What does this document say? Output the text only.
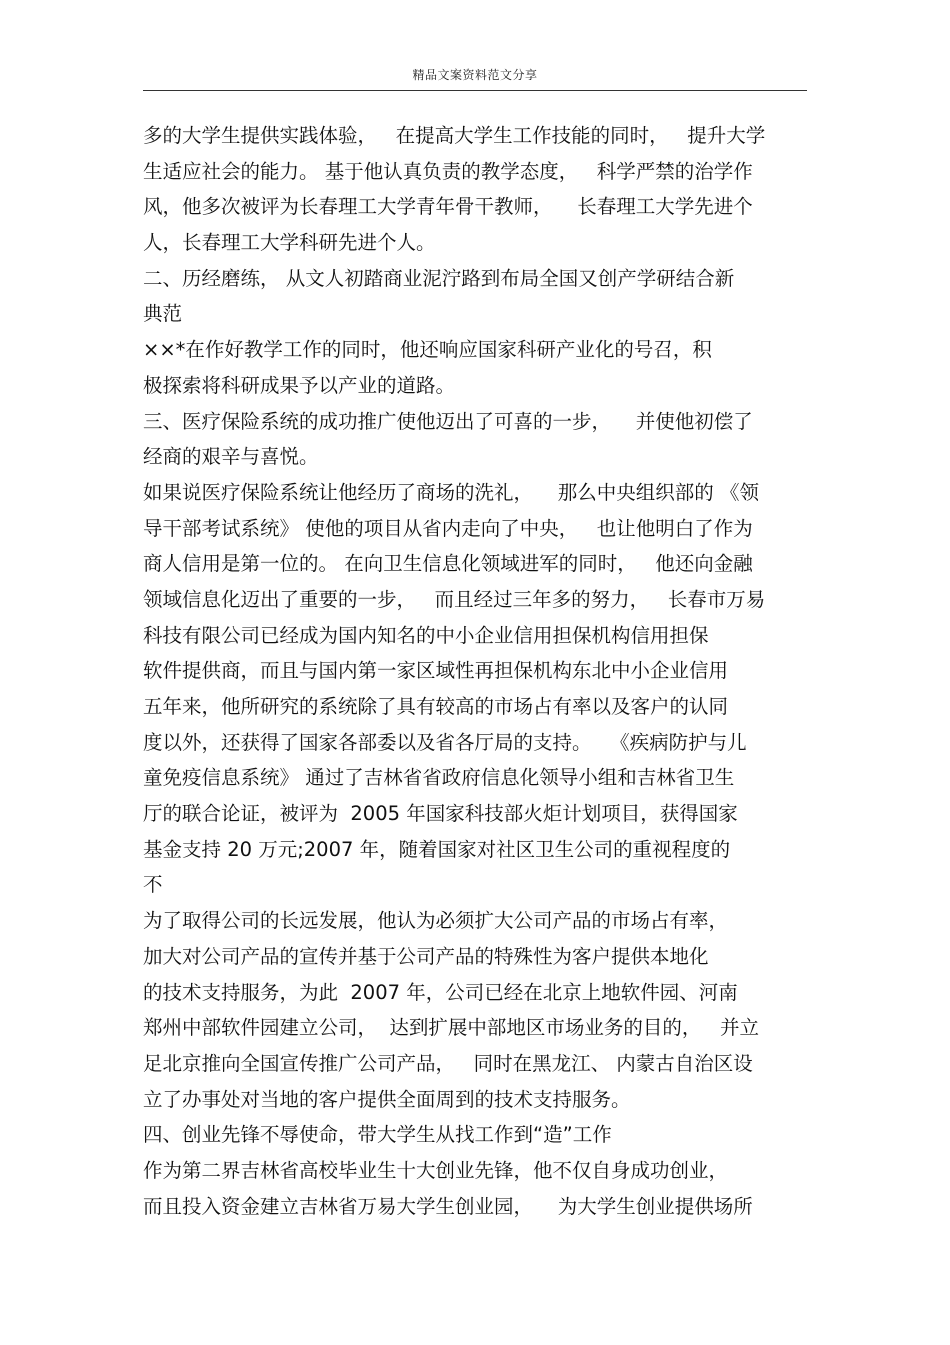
精品文案资料范文分享
多的大学生提供实践体验，   在提高大学生工作技能的同时，   提升大学
生适应社会的能力。 基于他认真负责的教学态度，   科学严禁的治学作
风，他多次被评为长春理工大学青年骨干教师，    长春理工大学先进个
人，长春理工大学科研先进个人。
二、历经磨练， 从文人初踏商业泥泞路到布局全国又创产学研结合新
典范
××*在作好教学工作的同时，他还响应国家科研产业化的号召，积
极探索将科研成果予以产业的道路。
三、医疗保险系统的成功推广使他迈出了可喜的一步，    并使他初偿了
经商的艰辛与喜悦。
如果说医疗保险系统让他经历了商场的洗礼，    那么中央组织部的 《领
导干部考试系统》 使他的项目从省内走向了中央，   也让他明白了作为
商人信用是第一位的。 在向卫生信息化领域进军的同时，   他还向金融
领域信息化迈出了重要的一步，   而且经过三年多的努力，   长春市万易
科技有限公司已经成为国内知名的中小企业信用担保机构信用担保
软件提供商，而且与国内第一家区域性再担保机构东北中小企业信用
五年来，他所研究的系统除了具有较高的市场占有率以及客户的认同
度以外，还获得了国家各部委以及省各厅局的支持。   《疾病防护与儿
童免疫信息系统》 通过了吉林省省政府信息化领导小组和吉林省卫生
厅的联合论证，被评为  2005 年国家科技部火炬计划项目，获得国家
基金支持 20 万元;2007 年，随着国家对社区卫生公司的重视程度的
不
为了取得公司的长远发展，他认为必须扩大公司产品的市场占有率，
加大对公司产品的宣传并基于公司产品的特殊性为客户提供本地化
的技术支持服务，为此  2007 年，公司已经在北京上地软件园、河南
郑州中部软件园建立公司，  达到扩展中部地区市场业务的目的，   并立
足北京推向全国宣传推广公司产品，   同时在黑龙江、 内蒙古自治区设
立了办事处对当地的客户提供全面周到的技术支持服务。
四、创业先锋不辱使命，带大学生从找工作到“造”工作
作为第二界吉林省高校毕业生十大创业先锋，他不仅自身成功创业，
而且投入资金建立吉林省万易大学生创业园，    为大学生创业提供场所
